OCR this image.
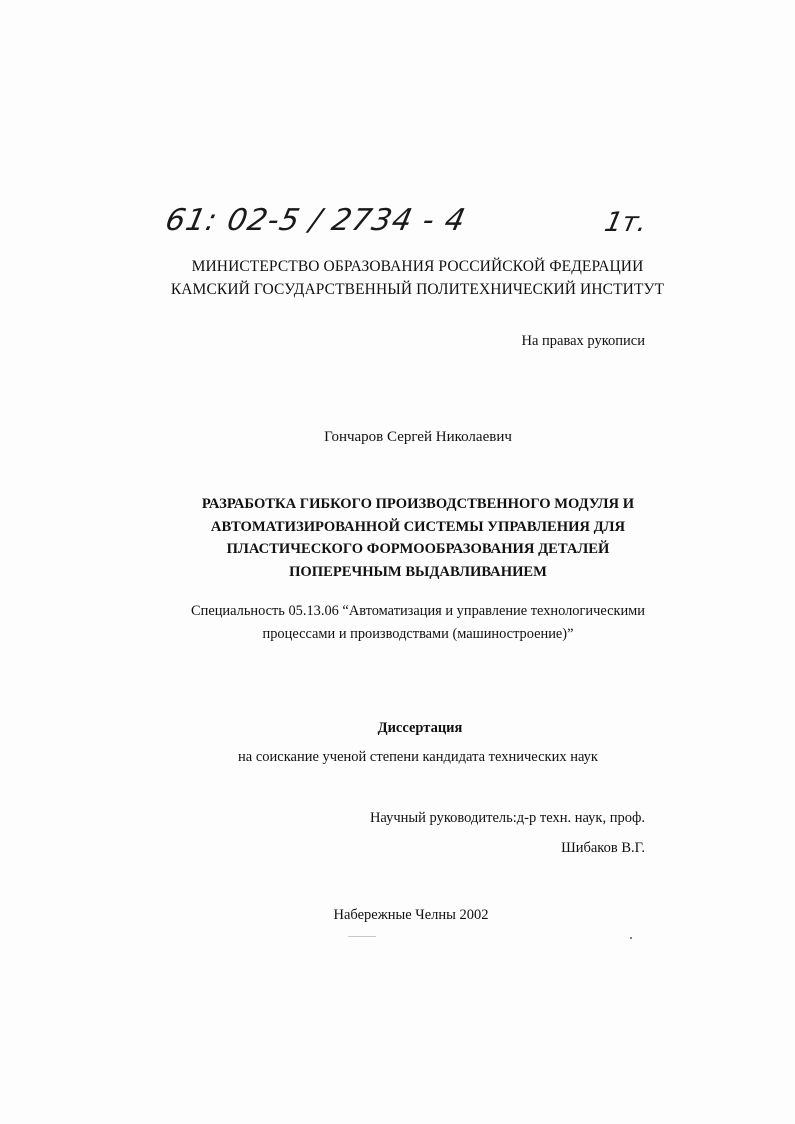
61: 02-5 / 2734 - 4	1т.
МИНИСТЕРСТВО ОБРАЗОВАНИЯ РОССИЙСКОЙ ФЕДЕРАЦИИ
КАМСКИЙ ГОСУДАРСТВЕННЫЙ ПОЛИТЕХНИЧЕСКИЙ ИНСТИТУТ
На правах рукописи
Гончаров Сергей Николаевич
РАЗРАБОТКА ГИБКОГО ПРОИЗВОДСТВЕННОГО МОДУЛЯ И
АВТОМАТИЗИРОВАННОЙ СИСТЕМЫ УПРАВЛЕНИЯ ДЛЯ
ПЛАСТИЧЕСКОГО ФОРМООБРАЗОВАНИЯ ДЕТАЛЕЙ
ПОПЕРЕЧНЫМ ВЫДАВЛИВАНИЕМ
Специальность 05.13.06 “Автоматизация и управление технологическими
процессами и производствами (машиностроение)”
Диссертация
на соискание ученой степени кандидата технических наук
Научный руководитель:д-р техн. наук, проф.
Шибаков В.Г.
Набережные Челны 2002
